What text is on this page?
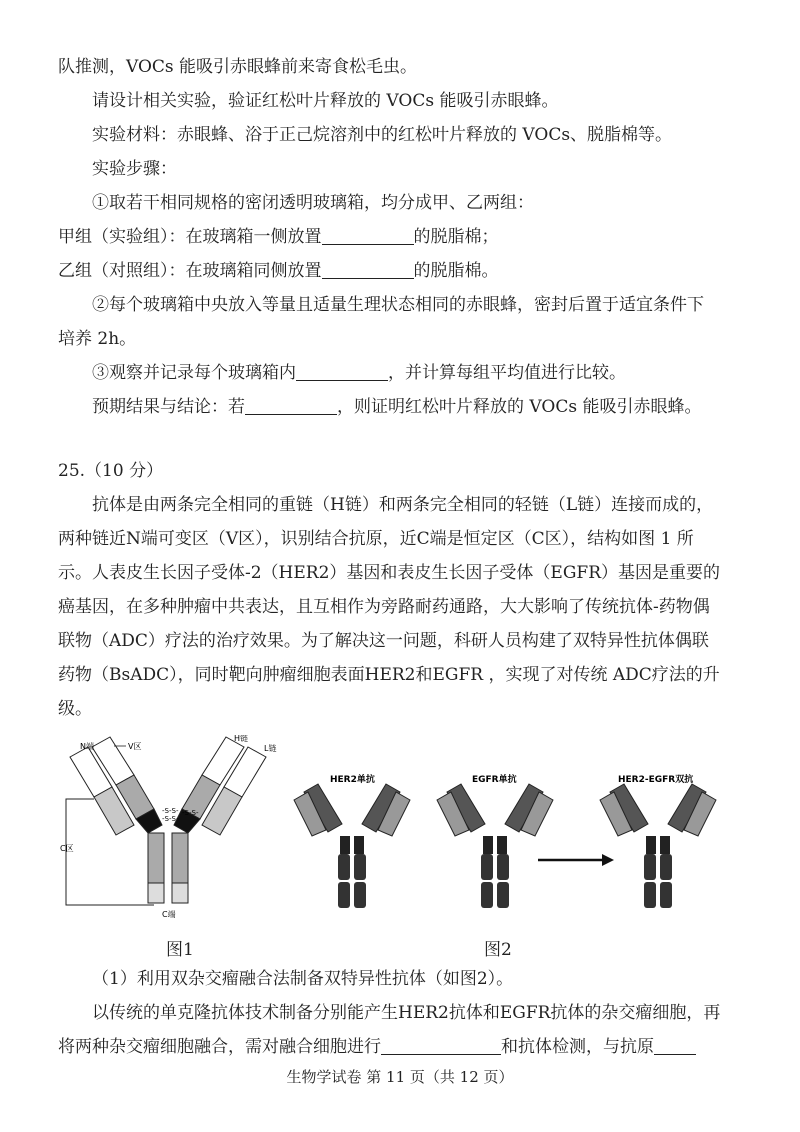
队推测，VOCs 能吸引赤眼蜂前来寄食松毛虫。
请设计相关实验，验证红松叶片释放的 VOCs 能吸引赤眼蜂。
实验材料：赤眼蜂、浴于正己烷溶剂中的红松叶片释放的 VOCs、脱脂棉等。
实验步骤：
①取若干相同规格的密闭透明玻璃箱，均分成甲、乙两组：
甲组（实验组）：在玻璃箱一侧放置	的脱脂棉；
乙组（对照组）：在玻璃箱同侧放置	的脱脂棉。
②每个玻璃箱中央放入等量且适量生理状态相同的赤眼蜂，密封后置于适宜条件下
培养 2h。
③观察并记录每个玻璃箱内	，并计算每组平均值进行比较。
预期结果与结论：若	，则证明红松叶片释放的 VOCs 能吸引赤眼蜂。
25.（10 分）
抗体是由两条完全相同的重链（H链）和两条完全相同的轻链（L链）连接而成的，
两种链近N端可变区（V区），识别结合抗原，近C端是恒定区（C区），结构如图 1 所
示。人表皮生长因子受体-2（HER2）基因和表皮生长因子受体（EGFR）基因是重要的
癌基因，在多种肿瘤中共表达，且互相作为旁路耐药通路，大大影响了传统抗体-药物偶
联物（ADC）疗法的治疗效果。为了解决这一问题，科研人员构建了双特异性抗体偶联
药物（BsADC），同时靶向肿瘤细胞表面HER2和EGFR ，实现了对传统 ADC疗法的升
级。
N端	V区
H链
L链
C区
C端
-S-S-
-S-S-
-S-S-
图1
HER2单抗	EGFR单抗	HER2-EGFR双抗
图2
（1）利用双杂交瘤融合法制备双特异性抗体（如图2）。
以传统的单克隆抗体技术制备分别能产生HER2抗体和EGFR抗体的杂交瘤细胞，再
将两种杂交瘤细胞融合，需对融合细胞进行	和抗体检测，与抗原
生物学试卷 第 11 页（共 12 页）
